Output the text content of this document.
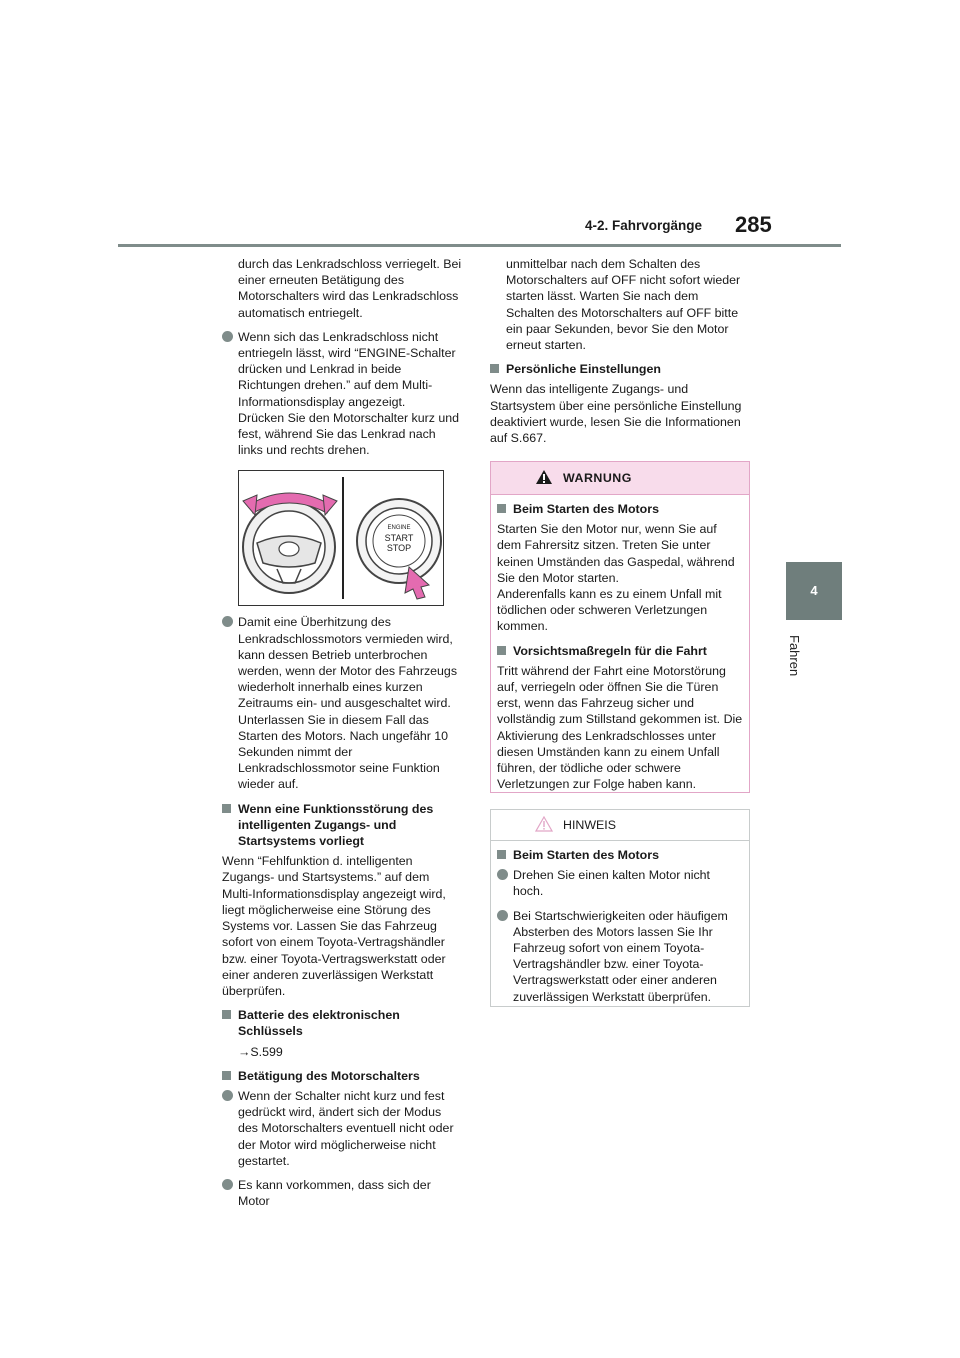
4-2. Fahrvorgänge 285
4
Fahren

durch das Lenkradschloss verriegelt. Bei einer erneuten Betätigung des Motorschalters wird das Lenkradschloss automatisch entriegelt.

Wenn sich das Lenkradschloss nicht entriegeln lässt, wird “ENGINE-Schalter drücken und Lenkrad in beide Richtungen drehen.” auf dem Multi-Informationsdisplay angezeigt.
Drücken Sie den Motorschalter kurz und fest, während Sie das Lenkrad nach links und rechts drehen.
ENGINE
START
STOP
Damit eine Überhitzung des Lenkradschlossmotors vermieden wird, kann dessen Betrieb unterbrochen werden, wenn der Motor des Fahrzeugs wiederholt innerhalb eines kurzen Zeitraums ein- und ausgeschaltet wird. Unterlassen Sie in diesem Fall das Starten des Motors. Nach ungefähr 10 Sekunden nimmt der Lenkradschlossmotor seine Funktion wieder auf.
Wenn eine Funktionsstörung des intelligenten Zugangs- und Startsystems vorliegt

Wenn “Fehlfunktion d. intelligenten Zugangs- und Startsystems.” auf dem Multi-Informationsdisplay angezeigt wird, liegt möglicherweise eine Störung des Systems vor. Lassen Sie das Fahrzeug sofort von einem Toyota-Vertragshändler bzw. einer Toyota-Vertragswerkstatt oder einer anderen zuverlässigen Werkstatt überprüfen.

Batterie des elektronischen Schlüssels

→S.599

Betätigung des Motorschalters
Wenn der Schalter nicht kurz und fest gedrückt wird, ändert sich der Modus des Motorschalters eventuell nicht oder der Motor wird möglicherweise nicht gestartet.
Es kann vorkommen, dass sich der Motor

unmittelbar nach dem Schalten des Motorschalters auf OFF nicht sofort wieder starten lässt. Warten Sie nach dem Schalten des Motorschalters auf OFF bitte ein paar Sekunden, bevor Sie den Motor erneut starten.

Persönliche Einstellungen

Wenn das intelligente Zugangs- und Startsystem über eine persönliche Einstellung deaktiviert wurde, lesen Sie die Informationen auf S.667.

WARNUNG
Beim Starten des Motors

Starten Sie den Motor nur, wenn Sie auf dem Fahrersitz sitzen. Treten Sie unter keinen Umständen das Gaspedal, während Sie den Motor starten.

Anderenfalls kann es zu einem Unfall mit tödlichen oder schweren Verletzungen kommen.

Vorsichtsmaßregeln für die Fahrt

Tritt während der Fahrt eine Motorstörung auf, verriegeln oder öffnen Sie die Türen erst, wenn das Fahrzeug sicher und vollständig zum Stillstand gekommen ist. Die Aktivierung des Lenkradschlosses unter diesen Umständen kann zu einem Unfall führen, der tödliche oder schwere Verletzungen zur Folge haben kann.

HINWEIS
Beim Starten des Motors
Drehen Sie einen kalten Motor nicht hoch.
Bei Startschwierigkeiten oder häufigem Absterben des Motors lassen Sie Ihr Fahrzeug sofort von einem Toyota-Vertragshändler bzw. einer Toyota-Vertragswerkstatt oder einer anderen zuverlässigen Werkstatt überprüfen.
